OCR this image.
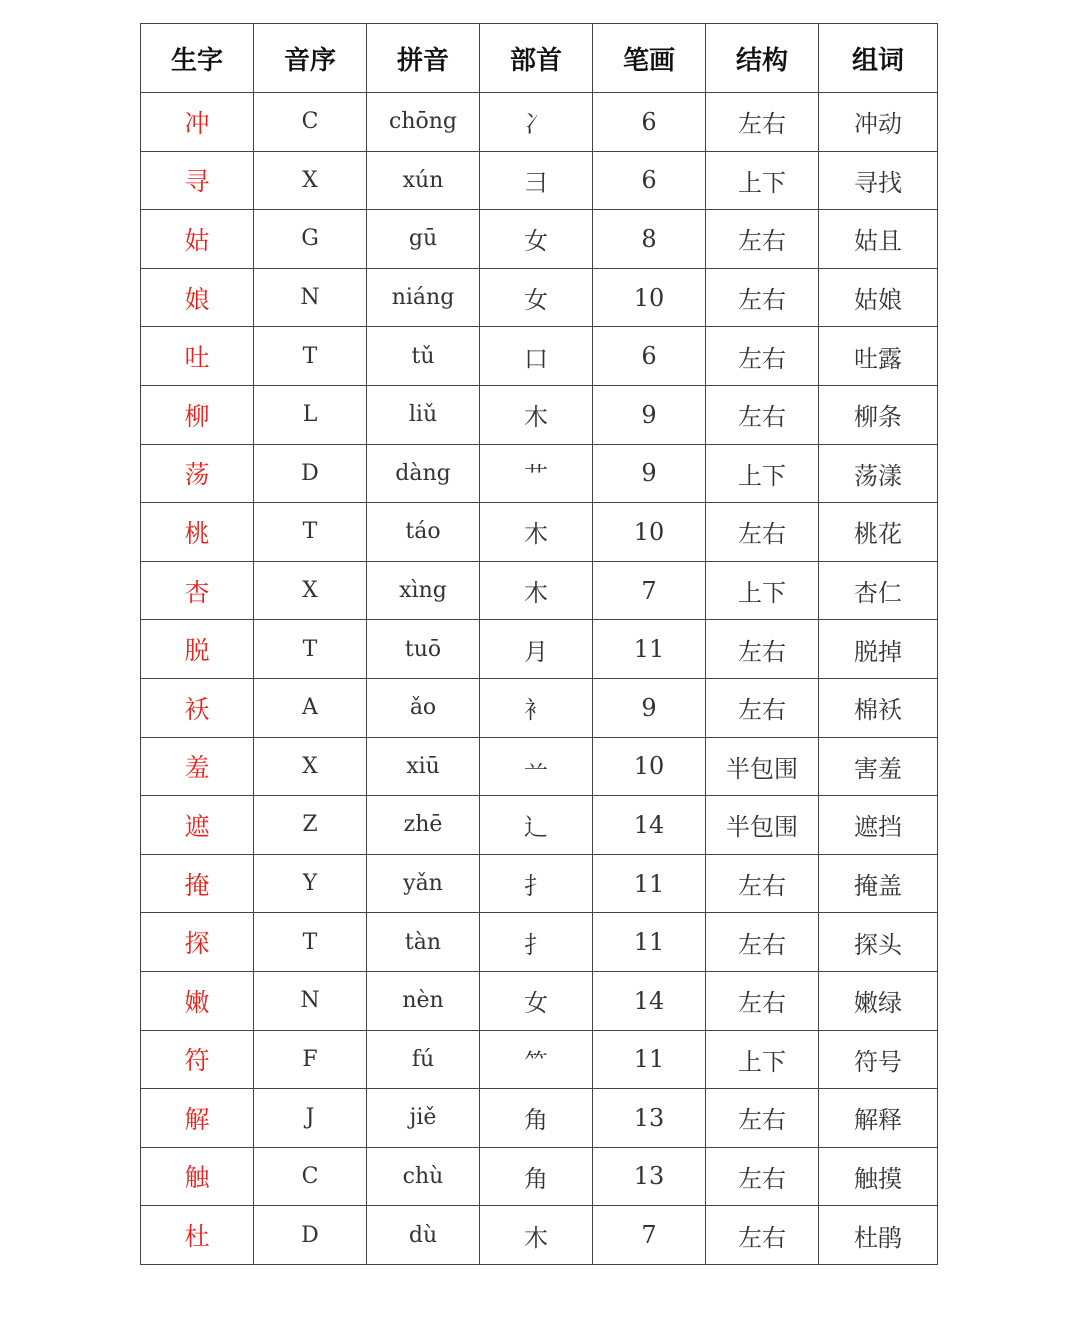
生字	音序	拼音	部首	笔画	结构	组词
冲	C	chōng	冫	6	左右	冲动
寻	X	xún	彐	6	上下	寻找
姑	G	gū	女	8	左右	姑且
娘	N	niáng	女	10	左右	姑娘
吐	T	tǔ	口	6	左右	吐露
柳	L	liǔ	木	9	左右	柳条
荡	D	dàng	艹	9	上下	荡漾
桃	T	táo	木	10	左右	桃花
杏	X	xìng	木	7	上下	杏仁
脱	T	tuō	月	11	左右	脱掉
袄	A	ǎo	衤	9	左右	棉袄
羞	X	xiū	䒑	10	半包围	害羞
遮	Z	zhē	辶	14	半包围	遮挡
掩	Y	yǎn	扌	11	左右	掩盖
探	T	tàn	扌	11	左右	探头
嫩	N	nèn	女	14	左右	嫩绿
符	F	fú	⺮	11	上下	符号
解	J	jiě	角	13	左右	解释
触	C	chù	角	13	左右	触摸
杜	D	dù	木	7	左右	杜鹃
